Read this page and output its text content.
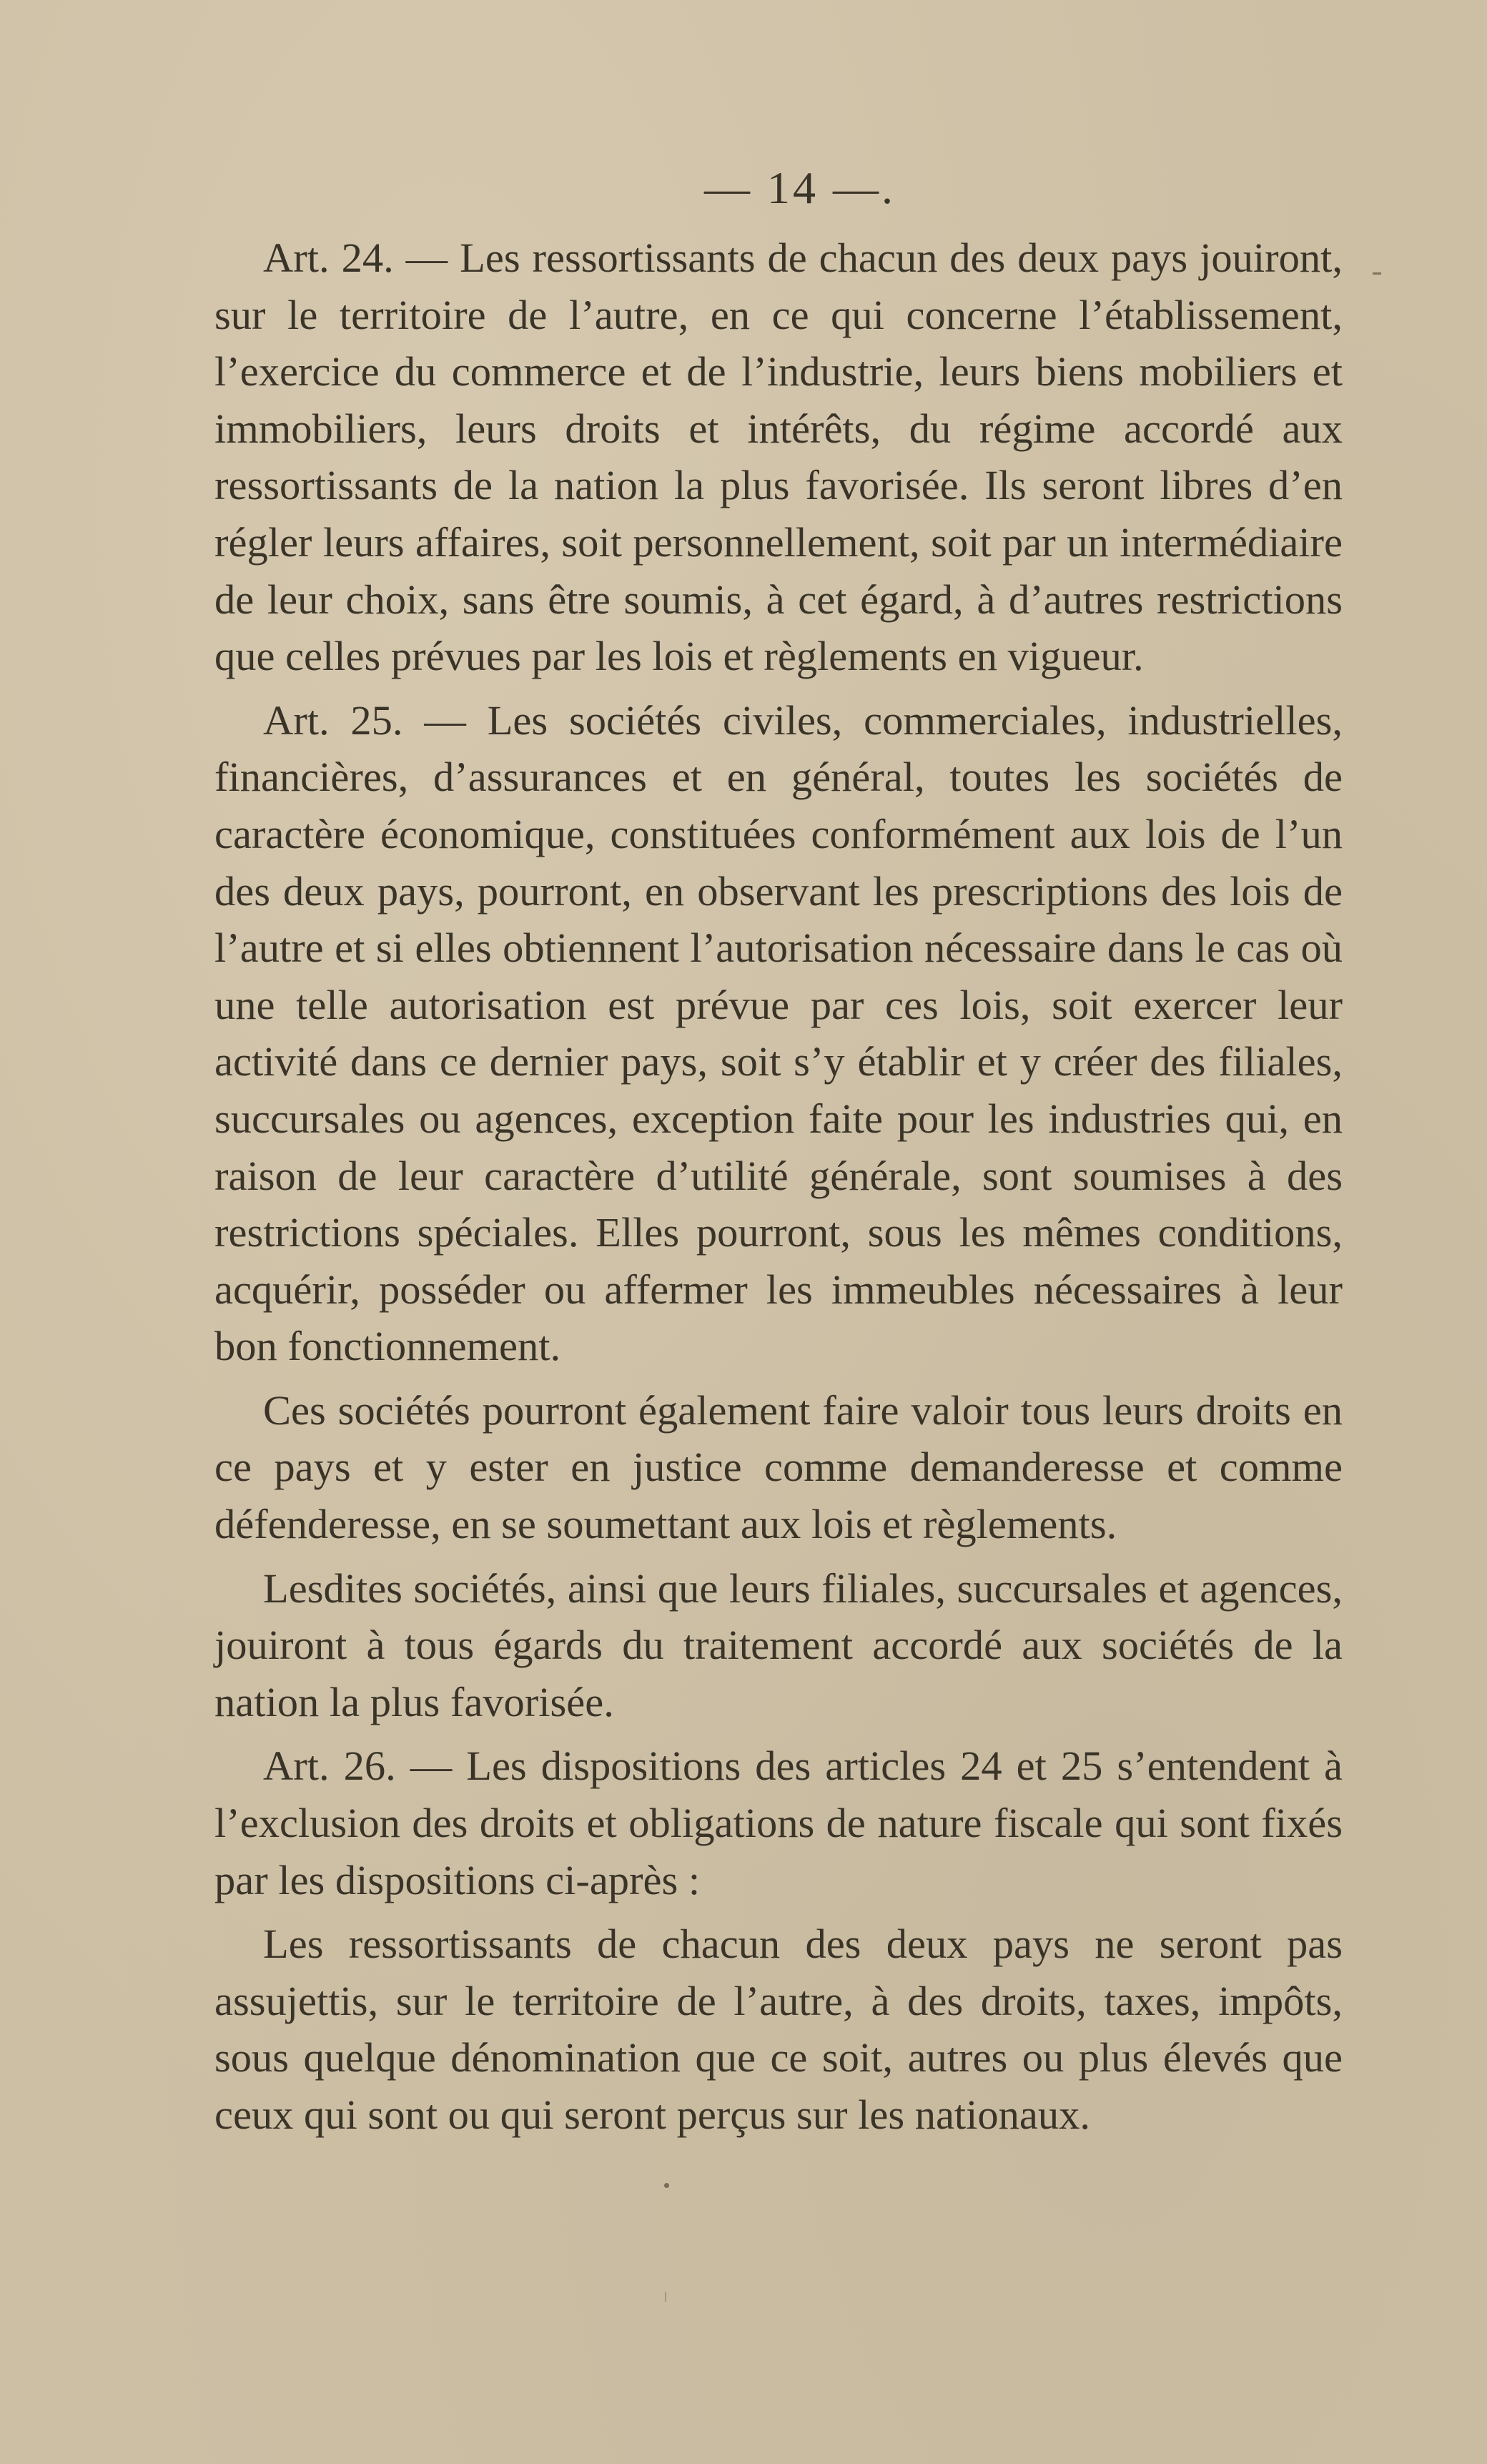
— 14 —.

Art. 24. — Les ressortissants de chacun des deux pays jouiront, sur le territoire de l’autre, en ce qui concerne l’établissement, l’exercice du commerce et de l’industrie, leurs biens mobiliers et immobiliers, leurs droits et intérêts, du régime accordé aux ressortissants de la nation la plus favorisée. Ils seront libres d’en régler leurs affaires, soit personnellement, soit par un intermédiaire de leur choix, sans être soumis, à cet égard, à d’autres restrictions que celles prévues par les lois et règlements en vigueur.

Art. 25. — Les sociétés civiles, commerciales, industrielles, financières, d’assurances et en général, toutes les sociétés de caractère économique, constituées conformément aux lois de l’un des deux pays, pourront, en observant les prescriptions des lois de l’autre et si elles obtiennent l’autorisation nécessaire dans le cas où une telle autorisation est prévue par ces lois, soit exercer leur activité dans ce dernier pays, soit s’y établir et y créer des filiales, succursales ou agences, exception faite pour les industries qui, en raison de leur caractère d’utilité générale, sont soumises à des restrictions spéciales. Elles pourront, sous les mêmes conditions, acquérir, posséder ou affermer les immeubles nécessaires à leur bon fonctionnement.

Ces sociétés pourront également faire valoir tous leurs droits en ce pays et y ester en justice comme demanderesse et comme défenderesse, en se soumettant aux lois et règlements.

Lesdites sociétés, ainsi que leurs filiales, succursales et agences, jouiront à tous égards du traitement accordé aux sociétés de la nation la plus favorisée.

Art. 26. — Les dispositions des articles 24 et 25 s’entendent à l’exclusion des droits et obligations de nature fiscale qui sont fixés par les dispositions ci-après :

Les ressortissants de chacun des deux pays ne seront pas assujettis, sur le territoire de l’autre, à des droits, taxes, impôts, sous quelque dénomination que ce soit, autres ou plus élevés que ceux qui sont ou qui seront perçus sur les nationaux.
